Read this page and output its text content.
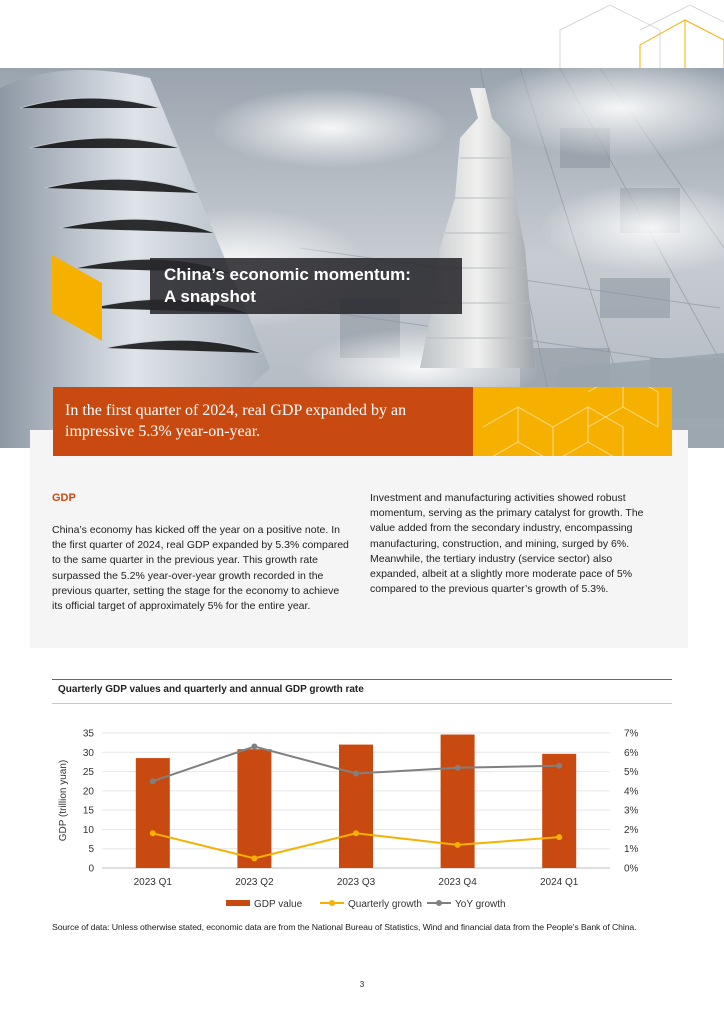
China’s economic momentum:
A snapshot
In the first quarter of 2024, real GDP expanded by an impressive 5.3% year-on-year.
GDP
China’s economy has kicked off the year on a positive note. In the first quarter of 2024, real GDP expanded by 5.3% compared to the same quarter in the previous year. This growth rate surpassed the 5.2% year-over-year growth recorded in the previous quarter, setting the stage for the economy to achieve its official target of approximately 5% for the entire year.
Investment and manufacturing activities showed robust momentum, serving as the primary catalyst for growth. The value added from the secondary industry, encompassing manufacturing, construction, and mining, surged by 6%. Meanwhile, the tertiary industry (service sector) also expanded, albeit at a slightly more moderate pace of 5% compared to the previous quarter’s growth of 5.3%.
Quarterly GDP values and quarterly and annual GDP growth rate
0
5
10
15
20
25
30
35
0%
1%
2%
3%
4%
5%
6%
7%
GDP (trillion yuan)
2023 Q1	2023 Q2	2023 Q3	2023 Q4	2024 Q1
GDP value	Quarterly growth	YoY growth
Source of data: Unless otherwise stated, economic data are from the National Bureau of Statistics, Wind and financial data from the People's Bank of China.
3
